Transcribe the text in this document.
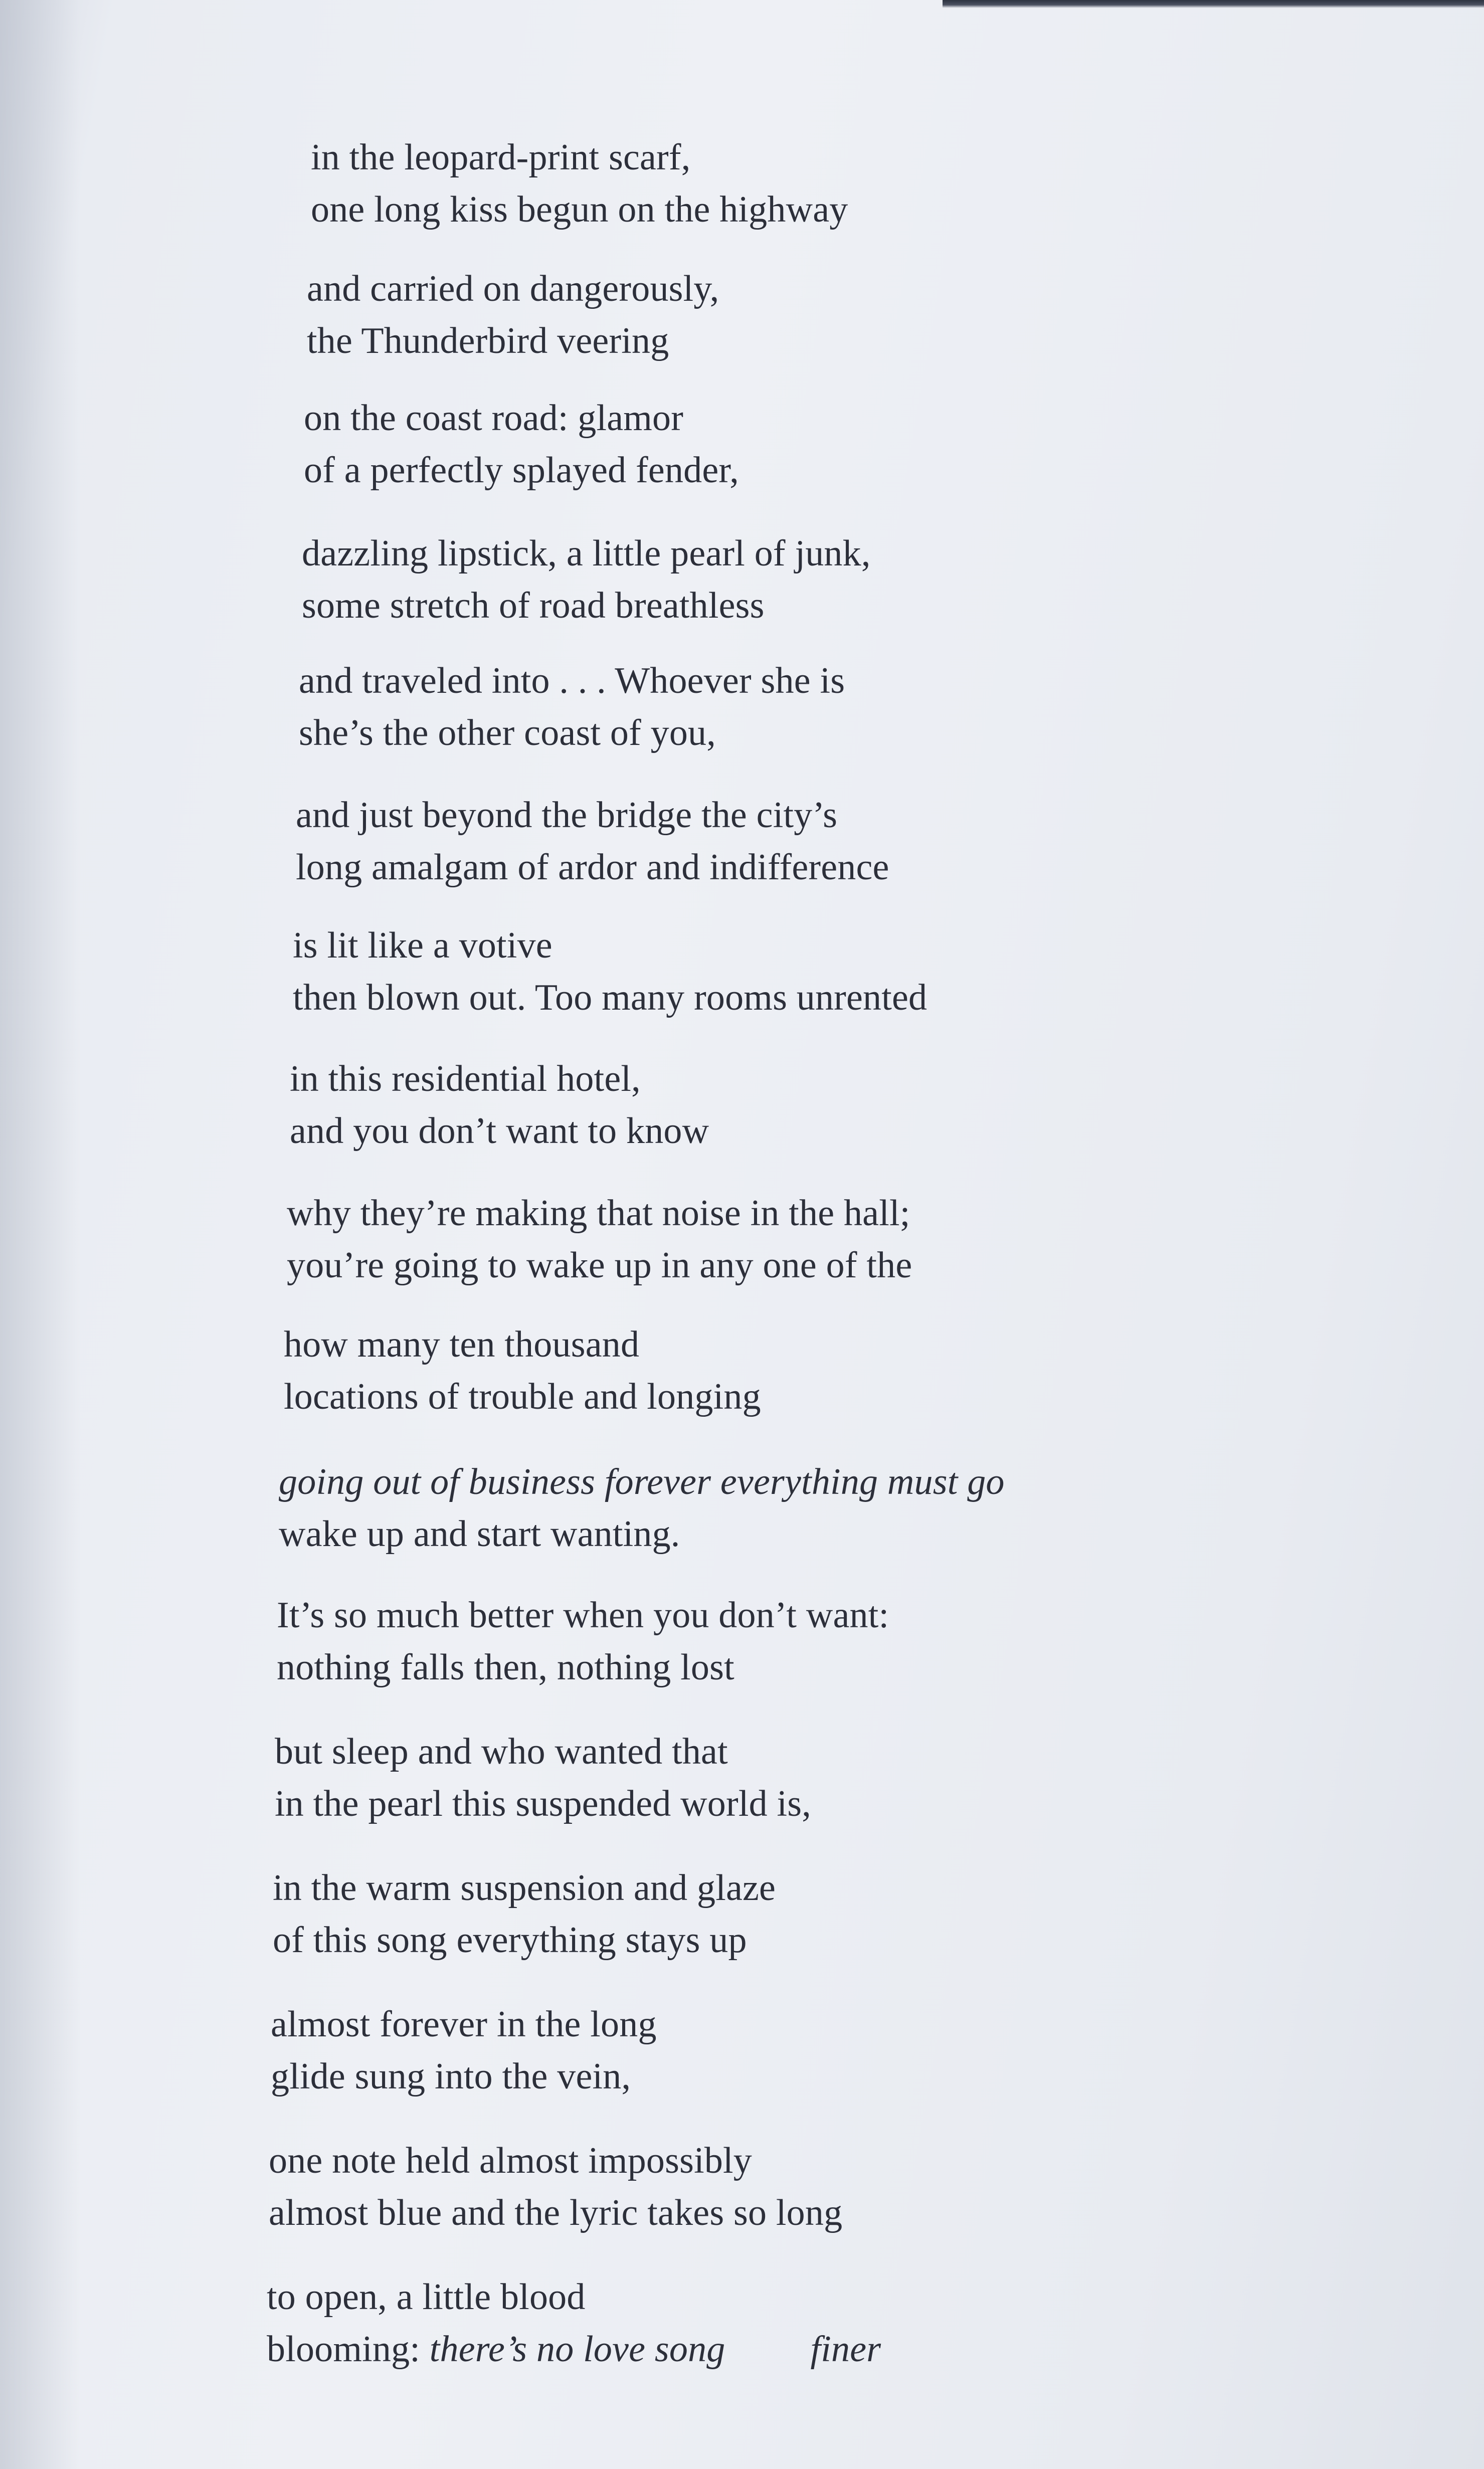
in the leopard-print scarf,
one long kiss begun on the highway
and carried on dangerously,
the Thunderbird veering
on the coast road: glamor
of a perfectly splayed fender,
dazzling lipstick, a little pearl of junk,
some stretch of road breathless
and traveled into . . . Whoever she is
she’s the other coast of you,
and just beyond the bridge the city’s
long amalgam of ardor and indifference
is lit like a votive
then blown out. Too many rooms unrented
in this residential hotel,
and you don’t want to know
why they’re making that noise in the hall;
you’re going to wake up in any one of the
how many ten thousand
locations of trouble and longing
going out of business forever everything must go
wake up and start wanting.
It’s so much better when you don’t want:
nothing falls then, nothing lost
but sleep and who wanted that
in the pearl this suspended world is,
in the warm suspension and glaze
of this song everything stays up
almost forever in the long
glide sung into the vein,
one note held almost impossibly
almost blue and the lyric takes so long
to open, a little blood
blooming: there’s no love song finer
